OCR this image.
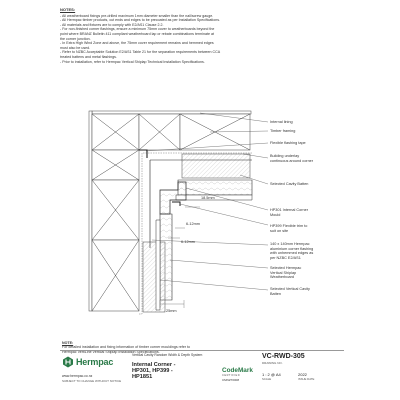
NOTES:
- All weatherboard fixings pre-drilled maximum 1mm diameter smaller than the nail/screw gauge.
- All Hermpac timber products, cut ends and edges to be precoated as per Installation Specifications.
- All materials and fixtures are to comply with E2/AS1 Clause 2.2.
- For non-finished corner flashings, ensure a minimum 75mm cover to weatherboards beyond the
point where BRANZ Bulletin 411 compliant weatherboard lap or rebate combinations terminate at
the corner junction.
- In Extra High Wind Zone and above, the 75mm cover requirement remains and hemmed edges
must also be used.
- Refer to NZBC Acceptable Solution E2/AS1 Table 21 for the separation requirements between CCA
treated battens and metal flashings.
- Prior to installation, refer to Hermpac Vertical Shiplap Technical Installation Specifications.
Internal lining
Timber framing
Flexible flashing tape
Building underlay
continuous around corner
Selected Cavity Batten
18.5mm
HP301 Internal Corner
Mould
6-12mm	HP399 Flexible trim to
suit on site
6-12mm	140 x 140mm Hermpac
aluminium corner flashing
with unhemmed edges as
per NZBC E2/AS1
Selected Hermpac
Vertical Shiplap
Weatherboard
Selected Vertical Cavity
Batten
25mm
NOTE:
For detailed installation and fixing information of timber corner mouldings refer to
Hermpac VertiLine Vertical Shiplap Installation Specifications.
Hermpac
www.hermpac.co.nz
SUBJECT TO CHANGE WITHOUT NOTICE
Vertical Cavity Random Width & Depth System
Internal Corner -
HP301, HP399 -
HP1851
CodeMark
CERTIFIED
CMNZ70008
VC-RWD-305
DRAWING NO.
1 : 2 @ A4
SCALE
2022
ISSUE DATE
